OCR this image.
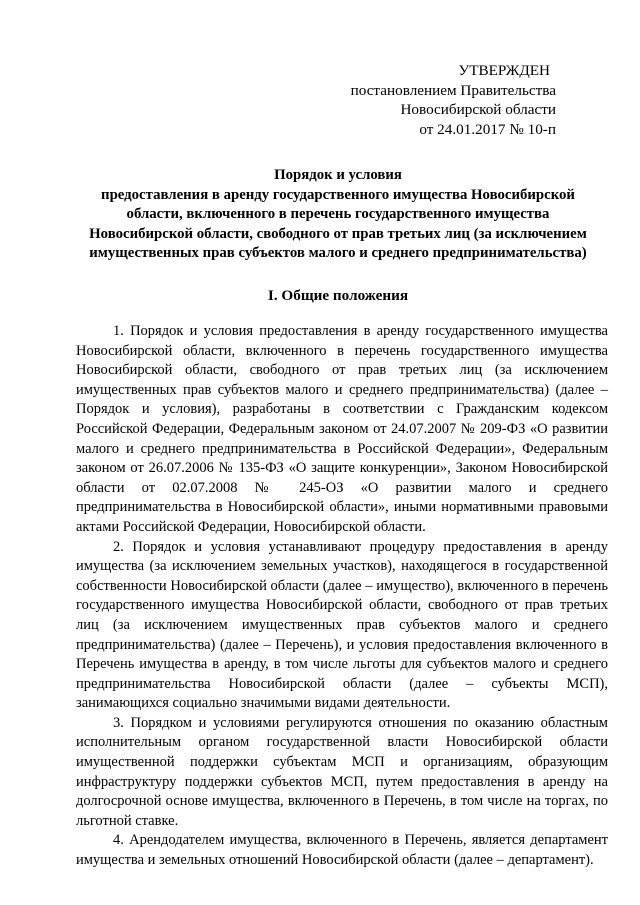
УТВЕРЖДЕН
постановлением Правительства
Новосибирской области
от 24.01.2017 № 10-п
Порядок и условия
предоставления в аренду государственного имущества Новосибирской
области, включенного в перечень государственного имущества
Новосибирской области, свободного от прав третьих лиц (за исключением
имущественных прав субъектов малого и среднего предпринимательства)
I. Общие положения

1. Порядок и условия предоставления в аренду государственного имущества Новосибирской области, включенного в перечень государственного имущества Новосибирской области, свободного от прав третьих лиц (за исключением имущественных прав субъектов малого и среднего предпринимательства) (далее – Порядок и условия), разработаны в соответствии с Гражданским кодексом Российской Федерации, Федеральным законом от 24.07.2007 № 209-ФЗ «О развитии малого и среднего предпринимательства в Российской Федерации», Федеральным законом от 26.07.2006 № 135-ФЗ «О защите конкуренции», Законом Новосибирской области от 02.07.2008 № 245-ОЗ «О развитии малого и среднего предпринимательства в Новосибирской области», иными нормативными правовыми актами Российской Федерации, Новосибирской области.

2. Порядок и условия устанавливают процедуру предоставления в аренду имущества (за исключением земельных участков), находящегося в государственной собственности Новосибирской области (далее – имущество), включенного в перечень государственного имущества Новосибирской области, свободного от прав третьих лиц (за исключением имущественных прав субъектов малого и среднего предпринимательства) (далее – Перечень), и условия предоставления включенного в Перечень имущества в аренду, в том числе льготы для субъектов малого и среднего предпринимательства Новосибирской области (далее – субъекты МСП), занимающихся социально значимыми видами деятельности.

3. Порядком и условиями регулируются отношения по оказанию областным исполнительным органом государственной власти Новосибирской области имущественной поддержки субъектам МСП и организациям, образующим инфраструктуру поддержки субъектов МСП, путем предоставления в аренду на долгосрочной основе имущества, включенного в Перечень, в том числе на торгах, по льготной ставке.

4. Арендодателем имущества, включенного в Перечень, является департамент имущества и земельных отношений Новосибирской области (далее – департамент).
